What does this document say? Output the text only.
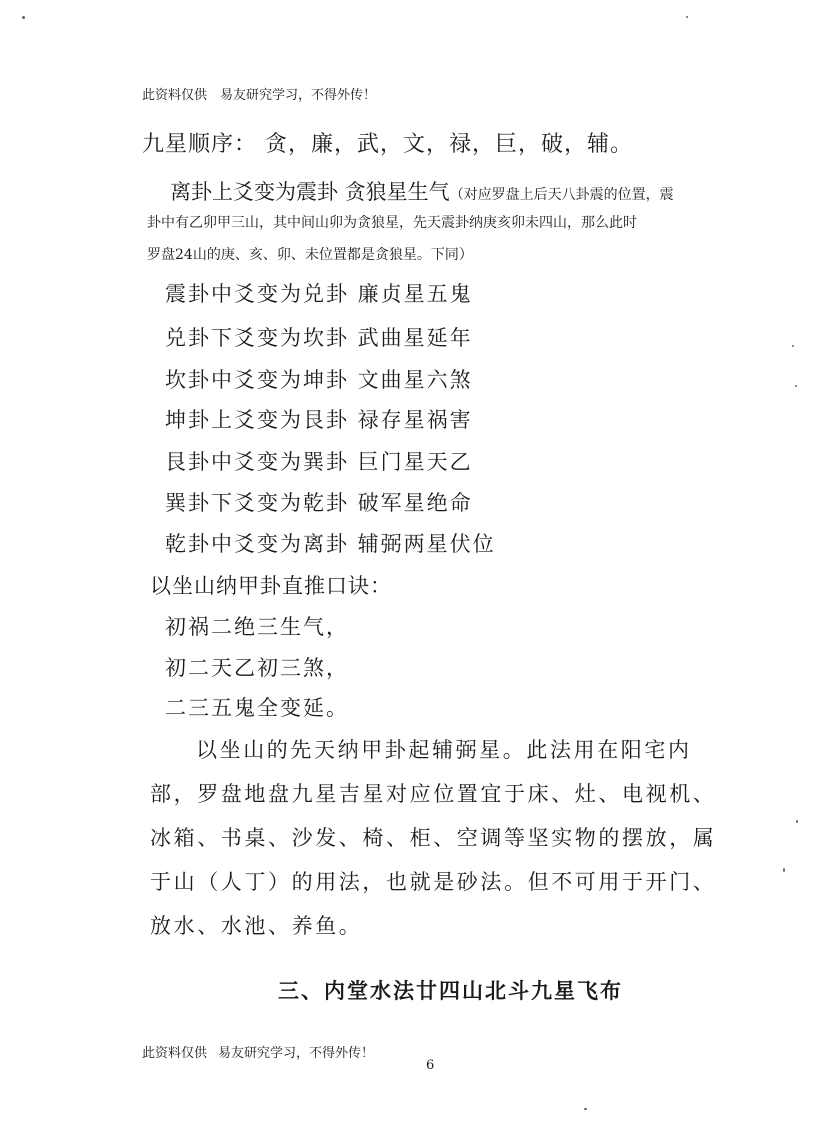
此资料仅供 易友研究学习，不得外传！
九星顺序： 贪，廉，武，文，禄，巨，破，辅。
离卦上爻变为震卦 贪狼星生气（对应罗盘上后天八卦震的位置，震
卦中有乙卯甲三山，其中间山卯为贪狼星，先天震卦纳庚亥卯未四山，那么此时
罗盘24山的庚、亥、卯、未位置都是贪狼星。下同）
震卦中爻变为兑卦 廉贞星五鬼
兑卦下爻变为坎卦 武曲星延年
坎卦中爻变为坤卦 文曲星六煞
坤卦上爻变为艮卦 禄存星祸害
艮卦中爻变为巽卦 巨门星天乙
巽卦下爻变为乾卦 破军星绝命
乾卦中爻变为离卦 辅弼两星伏位
以坐山纳甲卦直推口诀：
初祸二绝三生气，
初二天乙初三煞，
二三五鬼全变延。
以坐山的先天纳甲卦起辅弼星。此法用在阳宅内部，罗盘地盘九星吉星对应位置宜于床、灶、电视机、冰箱、书桌、沙发、椅、柜、空调等坚实物的摆放，属于山（人丁）的用法，也就是砂法。但不可用于开门、放水、水池、养鱼。
三、内堂水法廿四山北斗九星飞布
此资料仅供 易友研究学习，不得外传！
6
